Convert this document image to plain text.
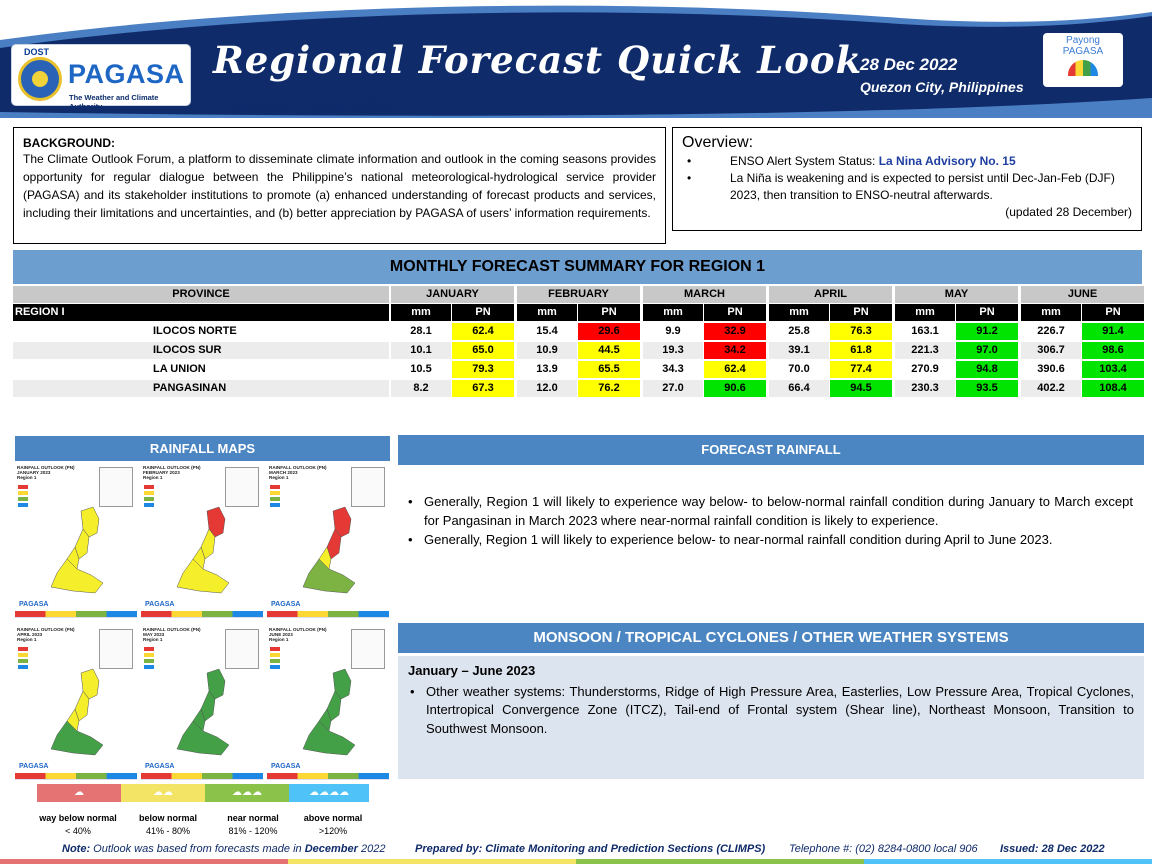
DOST
PAGASA
The Weather and Climate Authority
Regional Forecast Quick Look
January – June 2023
28 Dec 2022
Quezon City, Philippines
Payong
PAGASA
BACKGROUND:
The Climate Outlook Forum, a platform to disseminate climate information and outlook in the coming seasons provides opportunity for regular dialogue between the Philippine’s national meteorological-hydrological service provider (PAGASA) and its stakeholder institutions to promote (a) enhanced understanding of forecast products and services, including their limitations and uncertainties, and (b) better appreciation by PAGASA of users’ information requirements.
Overview:
•	ENSO Alert System Status: La Nina Advisory No. 15
•	La Niña is weakening and is expected to persist until Dec-Jan-Feb (DJF) 2023, then transition to ENSO-neutral afterwards.
(updated 28 December)
MONTHLY FORECAST SUMMARY FOR REGION 1
PROVINCE	JANUARY	FEBRUARY	MARCH	APRIL	MAY	JUNE
REGION I	mm	PN	mm	PN	mm	PN	mm	PN	mm	PN	mm	PN
ILOCOS NORTE	28.1	62.4	15.4	29.6	9.9	32.9	25.8	76.3	163.1	91.2	226.7	91.4
ILOCOS SUR	10.1	65.0	10.9	44.5	19.3	34.2	39.1	61.8	221.3	97.0	306.7	98.6
LA UNION	10.5	79.3	13.9	65.5	34.3	62.4	70.0	77.4	270.9	94.8	390.6	103.4
PANGASINAN	8.2	67.3	12.0	76.2	27.0	90.6	66.4	94.5	230.3	93.5	402.2	108.4
RAINFALL MAPS
RAINFALL OUTLOOK (PN)
JANUARY 2023
Region 1
PAGASA
RAINFALL OUTLOOK (PN)
FEBRUARY 2023
Region 1
PAGASA
RAINFALL OUTLOOK (PN)
MARCH 2023
Region 1
PAGASA
RAINFALL OUTLOOK (PN)
APRIL 2023
Region 1
PAGASA
RAINFALL OUTLOOK (PN)
MAY 2023
Region 1
PAGASA
RAINFALL OUTLOOK (PN)
JUNE 2023
Region 1
PAGASA
☁	☁☁	☁☁☁	☁☁☁☁
way below normal
< 40%
below normal
41% - 80%
near normal
81% - 120%
above normal
>120%
FORECAST RAINFALL
• Generally, Region 1 will likely to experience way below- to below-normal rainfall condition during January to March except for Pangasinan in March 2023 where near-normal rainfall condition is likely to experience.
• Generally, Region 1 will likely to experience below- to near-normal rainfall condition during April to June 2023.
MONSOON / TROPICAL CYCLONES / OTHER WEATHER SYSTEMS
January – June 2023
• Other weather systems: Thunderstorms, Ridge of High Pressure Area, Easterlies, Low Pressure Area, Tropical Cyclones, Intertropical Convergence Zone (ITCZ), Tail-end of Frontal system (Shear line), Northeast Monsoon, Transition to Southwest Monsoon.
Note: Outlook was based from forecasts made in December 2022	Prepared by: Climate Monitoring and Prediction Sections (CLIMPS) Telephone #: (02) 8284-0800 local 906 Issued: 28 Dec 2022
